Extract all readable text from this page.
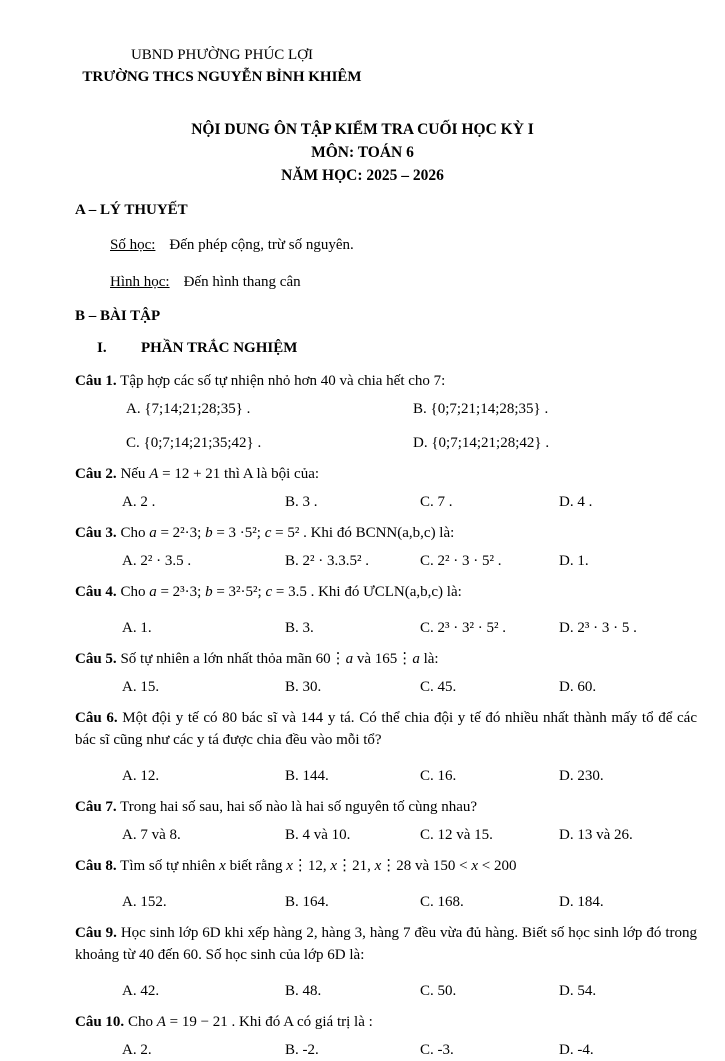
UBND PHƯỜNG PHÚC LỢI
TRƯỜNG THCS NGUYỄN BỈNH KHIÊM
NỘI DUNG ÔN TẬP KIỂM TRA CUỐI HỌC KỲ I
MÔN: TOÁN 6
NĂM HỌC: 2025 – 2026
A – LÝ THUYẾT
Số học: Đến phép cộng, trừ số nguyên.
Hình học: Đến hình thang cân
B – BÀI TẬP
I. PHẦN TRẮC NGHIỆM
Câu 1. Tập hợp các số tự nhiện nhỏ hơn 40 và chia hết cho 7:
A. {7;14;21;28;35} .	B. {0;7;21;14;28;35} .
C. {0;7;14;21;35;42} .	D. {0;7;14;21;28;42} .
Câu 2. Nếu A = 12 + 21 thì A là bội của:
A. 2 .	B. 3 .	C. 7 .	D. 4 .
Câu 3. Cho a = 2²·3; b = 3 ·5²; c = 5² . Khi đó BCNN(a,b,c) là:
A. 2² · 3.5 .	B. 2² · 3.3.5² .	C. 2² · 3 · 5² .	D. 1.
Câu 4. Cho a = 2³·3; b = 3²·5²; c = 3.5 . Khi đó ƯCLN(a,b,c) là:
A. 1.	B. 3.	C. 2³ · 3² · 5² .	D. 2³ · 3 · 5 .
Câu 5. Số tự nhiên a lớn nhất thỏa mãn 60⋮a và 165⋮a là:
A. 15.	B. 30.	C. 45.	D. 60.
Câu 6. Một đội y tế có 80 bác sĩ và 144 y tá. Có thể chia đội y tế đó nhiều nhất thành mấy tổ để các bác sĩ cũng như các y tá được chia đều vào mỗi tổ?
A. 12.	B. 144.	C. 16.	D. 230.
Câu 7. Trong hai số sau, hai số nào là hai số nguyên tố cùng nhau?
A. 7 và 8.	B. 4 và 10.	C. 12 và 15.	D. 13 và 26.
Câu 8. Tìm số tự nhiên x biết rằng x⋮12, x⋮21, x⋮28 và 150 < x < 200
A. 152.	B. 164.	C. 168.	D. 184.
Câu 9. Học sinh lớp 6D khi xếp hàng 2, hàng 3, hàng 7 đều vừa đủ hàng. Biết số học sinh lớp đó trong khoảng từ 40 đến 60. Số học sinh của lớp 6D là:
A. 42.	B. 48.	C. 50.	D. 54.
Câu 10. Cho A = 19 − 21 . Khi đó A có giá trị là :
A. 2.	B. -2.	C. -3.	D. -4.
